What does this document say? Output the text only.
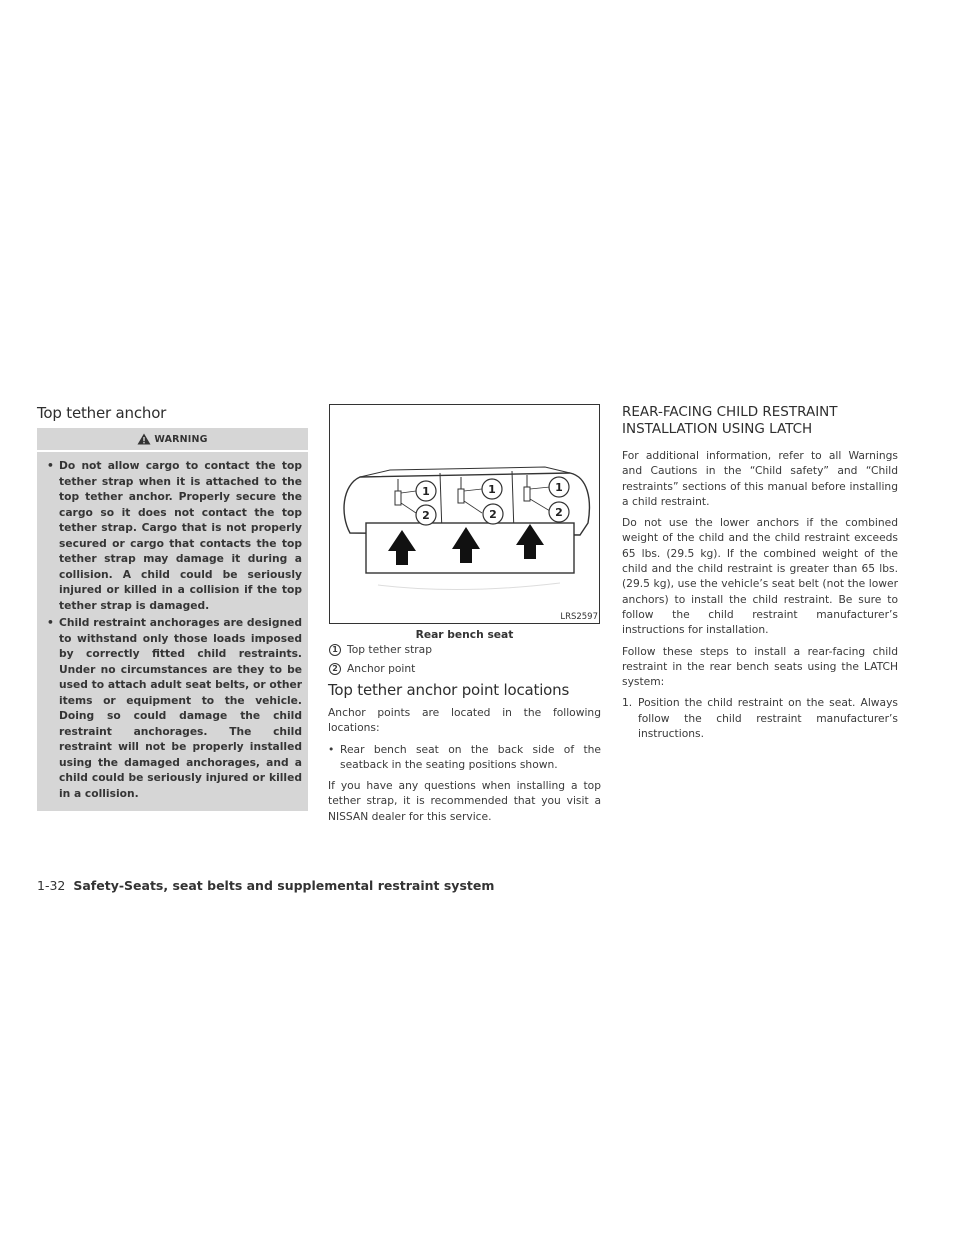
Top tether anchor
WARNING
• Do not allow cargo to contact the top tether strap when it is attached to the top tether anchor. Properly secure the cargo so it does not contact the top tether strap. Cargo that is not properly secured or cargo that contacts the top tether strap may damage it during a collision. A child could be seriously injured or killed in a collision if the top tether strap is damaged.
• Child restraint anchorages are designed to withstand only those loads imposed by correctly fitted child restraints. Under no circumstances are they to be used to attach adult seat belts, or other items or equipment to the vehicle. Doing so could damage the child restraint anchorages. The child restraint will not be properly installed using the damaged anchorages, and a child could be seriously injured or killed in a collision.
1
2
1
2
1
2
LRS2597
Rear bench seat
1 Top tether strap
2 Anchor point
Top tether anchor point locations

Anchor points are located in the following locations:

• Rear bench seat on the back side of the seatback in the seating positions shown.

If you have any questions when installing a top tether strap, it is recommended that you visit a NISSAN dealer for this service.

REAR-FACING CHILD RESTRAINT INSTALLATION USING LATCH

For additional information, refer to all Warnings and Cautions in the “Child safety” and “Child restraints” sections of this manual before installing a child restraint.

Do not use the lower anchors if the combined weight of the child and the child restraint exceeds 65 lbs. (29.5 kg). If the combined weight of the child and the child restraint is greater than 65 lbs. (29.5 kg), use the vehicle’s seat belt (not the lower anchors) to install the child restraint. Be sure to follow the child restraint manufacturer’s instructions for installation.

Follow these steps to install a rear-facing child restraint in the rear bench seats using the LATCH system:

1. Position the child restraint on the seat. Always follow the child restraint manufacturer’s instructions.
1-32 Safety-Seats, seat belts and supplemental restraint system
